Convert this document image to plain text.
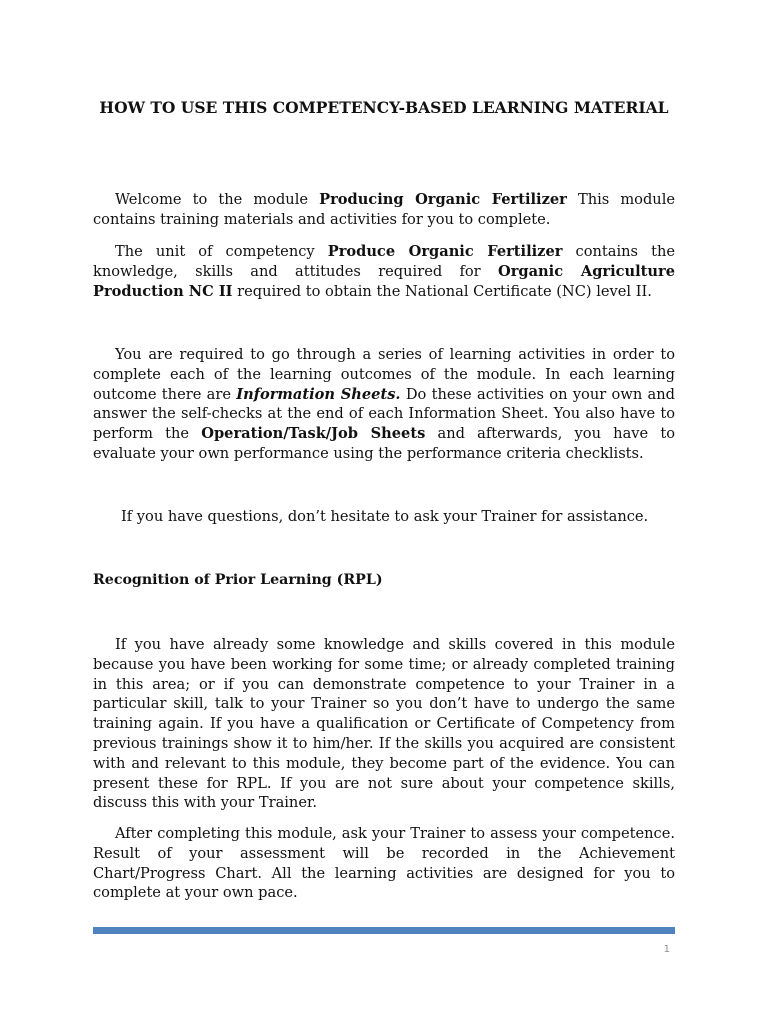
HOW TO USE THIS COMPETENCY-BASED LEARNING MATERIAL

Welcome to the module Producing Organic Fertilizer This module contains training materials and activities for you to complete.

The unit of competency Produce Organic Fertilizer contains the knowledge, skills and attitudes required for Organic Agriculture Production NC II required to obtain the National Certificate (NC) level II.

You are required to go through a series of learning activities in order to complete each of the learning outcomes of the module. In each learning outcome there are Information Sheets. Do these activities on your own and answer the self-checks at the end of each Information Sheet. You also have to perform the Operation/Task/Job Sheets and afterwards, you have to evaluate your own performance using the performance criteria checklists.

If you have questions, don’t hesitate to ask your Trainer for assistance.

Recognition of Prior Learning (RPL)

If you have already some knowledge and skills covered in this module because you have been working for some time; or already completed training in this area; or if you can demonstrate competence to your Trainer in a particular skill, talk to your Trainer so you don’t have to undergo the same training again. If you have a qualification or Certificate of Competency from previous trainings show it to him/her. If the skills you acquired are consistent with and relevant to this module, they become part of the evidence. You can present these for RPL. If you are not sure about your competence skills, discuss this with your Trainer.

After completing this module, ask your Trainer to assess your competence. Result of your assessment will be recorded in the Achievement Chart/Progress Chart. All the learning activities are designed for you to complete at your own pace.

1
